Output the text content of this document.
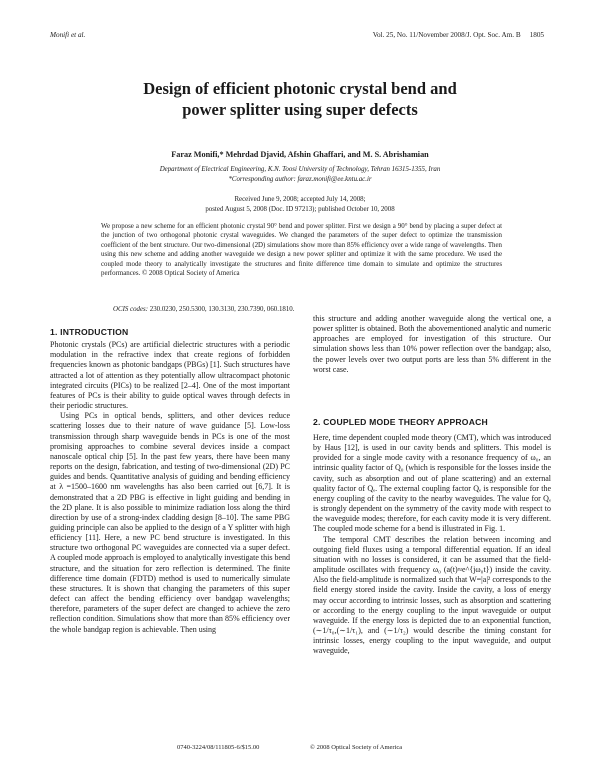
Monifi et al.	Vol. 25, No. 11/November 2008/J. Opt. Soc. Am. B 1805
Design of efficient photonic crystal bend and
power splitter using super defects
Faraz Monifi,* Mehrdad Djavid, Afshin Ghaffari, and M. S. Abrishamian
Department of Electrical Engineering, K.N. Toosi University of Technology, Tehran 16315-1355, Iran
*Corresponding author: faraz.monifi@ee.kntu.ac.ir
Received June 9, 2008; accepted July 14, 2008;
posted August 5, 2008 (Doc. ID 97213); published October 10, 2008
We propose a new scheme for an efficient photonic crystal 90° bend and power splitter. First we design a 90° bend by placing a super defect at the junction of two orthogonal photonic crystal waveguides. We changed the parameters of the super defect to optimize the transmission coefficient of the bent structure. Our two-dimensional (2D) simulations show more than 85% efficiency over a wide range of wavelengths. Then using this new scheme and adding another waveguide we design a new power splitter and optimize it with the same procedure. We used the coupled mode theory to analytically investigate the structures and finite difference time domain to simulate and optimize the structures performances. © 2008 Optical Society of America
OCIS codes: 230.0230, 250.5300, 130.3130, 230.7390, 060.1810.
1. INTRODUCTION

Photonic crystals (PCs) are artificial dielectric structures with a periodic modulation in the refractive index that create regions of forbidden frequencies known as photonic bandgaps (PBGs) [1]. Such structures have attracted a lot of attention as they potentially allow ultracompact photonic integrated circuits (PICs) to be realized [2–4]. One of the most important features of PCs is their ability to guide optical waves through defects in their periodic structures.

Using PCs in optical bends, splitters, and other devices reduce scattering losses due to their nature of wave guidance [5]. Low-loss transmission through sharp waveguide bends in PCs is one of the most promising approaches to combine several devices inside a compact nanoscale optical chip [5]. In the past few years, there have been many reports on the design, fabrication, and testing of two-dimensional (2D) PC guides and bends. Quantitative analysis of guiding and bending efficiency at λ =1500–1600 nm wavelengths has also been carried out [6,7]. It is demonstrated that a 2D PBG is effective in light guiding and bending in the 2D plane. It is also possible to minimize radiation loss along the third direction by use of a strong-index cladding design [8–10]. The same PBG guiding principle can also be applied to the design of a Y splitter with high efficiency [11]. Here, a new PC bend structure is investigated. In this structure two orthogonal PC waveguides are connected via a super defect. A coupled mode approach is employed to analytically investigate this bend structure, and the situation for zero reflection is determined. The finite difference time domain (FDTD) method is used to numerically simulate these structures. It is shown that changing the parameters of this super defect can affect the bending efficiency over bandgap wavelengths; therefore, parameters of the super defect are changed to achieve the zero reflection condition. Simulations show that more than 85% efficiency over the whole bandgap region is achievable. Then using

this structure and adding another waveguide along the vertical one, a power splitter is obtained. Both the abovementioned analytic and numeric approaches are employed for investigation of this structure. Our simulation shows less than 10% power reflection over the bandgap; also, the power levels over two output ports are less than 5% different in the worst case.

2. COUPLED MODE THEORY APPROACH

Here, time dependent coupled mode theory (CMT), which was introduced by Haus [12], is used in our cavity bends and splitters. This model is provided for a single mode cavity with a resonance frequency of ω₀, an intrinsic quality factor of Q₀ (which is responsible for the losses inside the cavity, such as absorption and out of plane scattering) and an external quality factor of Qₑ. The external coupling factor Qₑ is responsible for the energy coupling of the cavity to the nearby waveguides. The value for Qₑ is strongly dependent on the symmetry of the cavity mode with respect to the waveguide modes; therefore, for each cavity mode it is very different. The coupled mode scheme for a bend is illustrated in Fig. 1.

The temporal CMT describes the relation between incoming and outgoing field fluxes using a temporal differential equation. If an ideal situation with no losses is considered, it can be assumed that the field-amplitude oscillates with frequency ω₀ (a(t)≈e^{jω₀t}) inside the cavity. Also the field-amplitude is normalized such that W=|a|² corresponds to the field energy stored inside the cavity. Inside the cavity, a loss of energy may occur according to intrinsic losses, such as absorption and scattering or according to the energy coupling to the input waveguide or output waveguide. If the energy loss is depicted due to an exponential function, (∼1/τ₀,(∼1/τ₁), and (∼1/τ₂) would describe the timing constant for intrinsic losses, energy coupling to the input waveguide, and output waveguide,

0740-3224/08/111805-6/$15.00	© 2008 Optical Society of America
